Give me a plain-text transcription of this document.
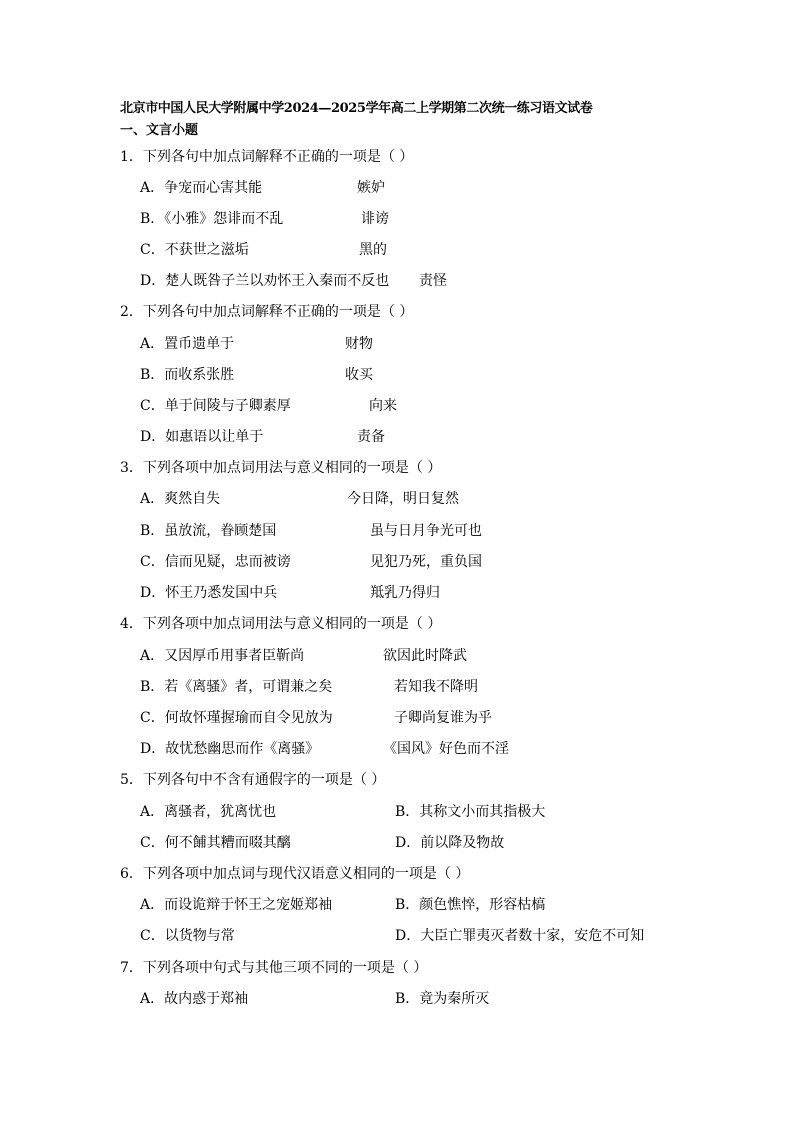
北京市中国人民大学附属中学2024—2025学年高二上学期第二次统一练习语文试卷
一、文言小题
1．下列各句中加点词解释不正确的一项是（ ）
A．争宠而心害其能	嫉妒
B．《小雅》怨诽而不乱	诽谤
C．不获世之滋垢	黑的
D．楚人既咎子兰以劝怀王入秦而不反也 责怪
2．下列各句中加点词解释不正确的一项是（ ）
A．置币遗单于	财物
B．而收系张胜	收买
C．单于间陵与子卿素厚	向来
D．如惠语以让单于	责备
3．下列各项中加点词用法与意义相同的一项是（ ）
A．爽然自失	今日降，明日复然
B．虽放流，眷顾楚国	虽与日月争光可也
C．信而见疑，忠而被谤	见犯乃死，重负国
D．怀王乃悉发国中兵	羝乳乃得归
4．下列各项中加点词用法与意义相同的一项是（ ）
A．又因厚币用事者臣靳尚	欲因此时降武
B．若《离骚》者，可谓兼之矣	若知我不降明
C．何故怀瑾握瑜而自令见放为	子卿尚复谁为乎
D．故忧愁幽思而作《离骚》	《国风》好色而不淫
5．下列各句中不含有通假字的一项是（ ）
A．离骚者，犹离忧也	B．其称文小而其指极大
C．何不餔其糟而啜其醨	D．前以降及物故
6．下列各项中加点词与现代汉语意义相同的一项是（ ）
A．而设诡辩于怀王之宠姬郑袖	B．颜色憔悴，形容枯槁
C．以货物与常	D．大臣亡罪夷灭者数十家，安危不可知
7．下列各项中句式与其他三项不同的一项是（ ）
A．故内惑于郑袖	B．竟为秦所灭
